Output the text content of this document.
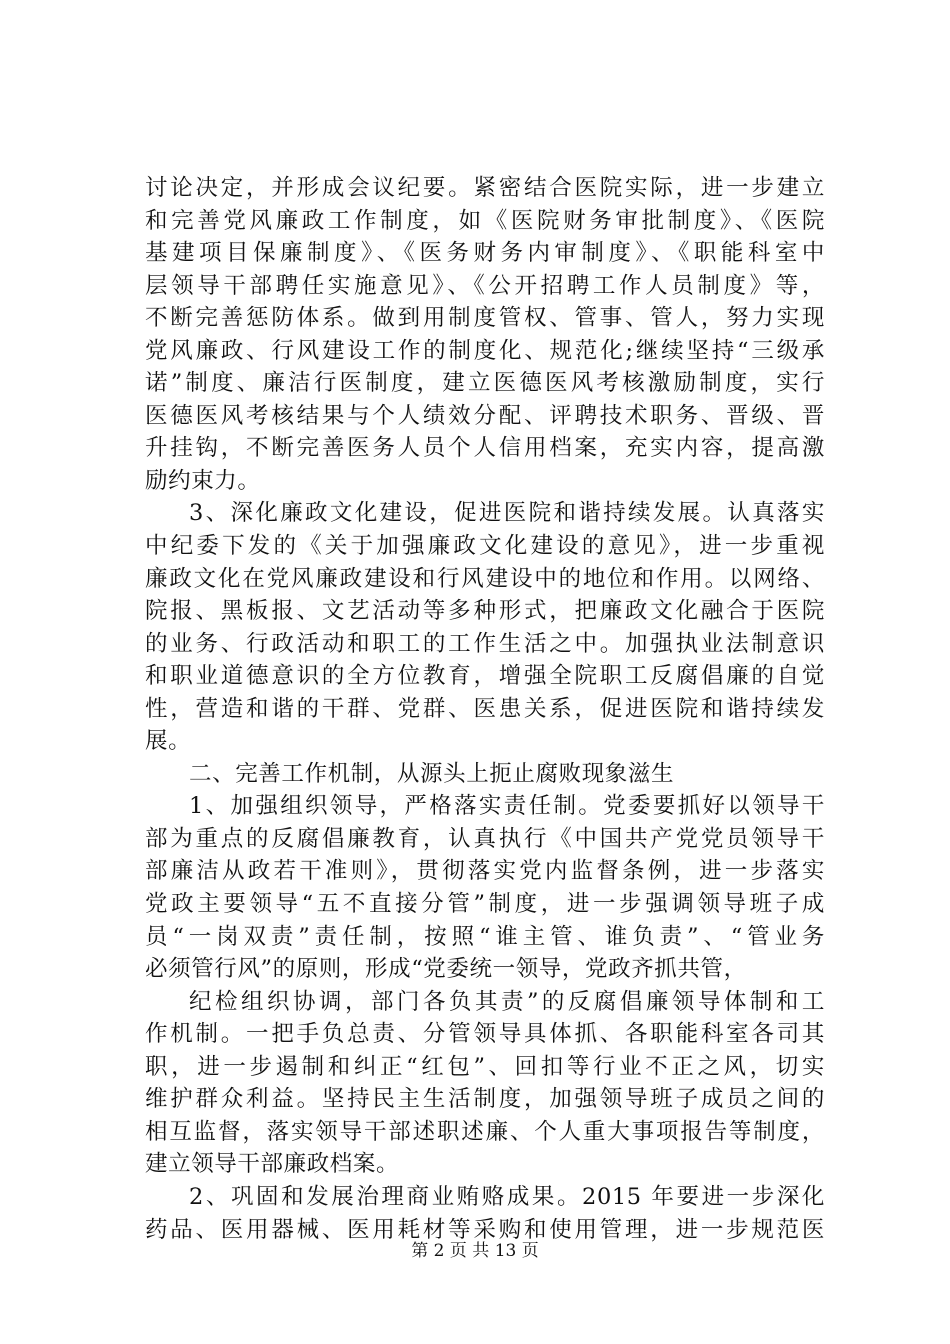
讨论决定，并形成会议纪要。紧密结合医院实际，进一步建立
和完善党风廉政工作制度，如《医院财务审批制度》、《医院
基建项目保廉制度》、《医务财务内审制度》、《职能科室中
层领导干部聘任实施意见》、《公开招聘工作人员制度》等，
不断完善惩防体系。做到用制度管权、管事、管人，努力实现
党风廉政、行风建设工作的制度化、规范化;继续坚持“三级承
诺”制度、廉洁行医制度，建立医德医风考核激励制度，实行
医德医风考核结果与个人绩效分配、评聘技术职务、晋级、晋
升挂钩，不断完善医务人员个人信用档案，充实内容，提高激
励约束力。
3、深化廉政文化建设，促进医院和谐持续发展。认真落实
中纪委下发的《关于加强廉政文化建设的意见》，进一步重视
廉政文化在党风廉政建设和行风建设中的地位和作用。以网络、
院报、黑板报、文艺活动等多种形式，把廉政文化融合于医院
的业务、行政活动和职工的工作生活之中。加强执业法制意识
和职业道德意识的全方位教育，增强全院职工反腐倡廉的自觉
性，营造和谐的干群、党群、医患关系，促进医院和谐持续发
展。
二、完善工作机制，从源头上扼止腐败现象滋生
1、加强组织领导，严格落实责任制。党委要抓好以领导干
部为重点的反腐倡廉教育，认真执行《中国共产党党员领导干
部廉洁从政若干准则》，贯彻落实党内监督条例，进一步落实
党政主要领导“五不直接分管”制度，进一步强调领导班子成
员“一岗双责”责任制，按照“谁主管、谁负责”、“管业务
必须管行风”的原则，形成“党委统一领导，党政齐抓共管，
纪检组织协调，部门各负其责”的反腐倡廉领导体制和工
作机制。一把手负总责、分管领导具体抓、各职能科室各司其
职，进一步遏制和纠正“红包”、回扣等行业不正之风，切实
维护群众利益。坚持民主生活制度，加强领导班子成员之间的
相互监督，落实领导干部述职述廉、个人重大事项报告等制度，
建立领导干部廉政档案。
2、巩固和发展治理商业贿赂成果。2015 年要进一步深化
药品、医用器械、医用耗材等采购和使用管理，进一步规范医
第 2 页 共 13 页
